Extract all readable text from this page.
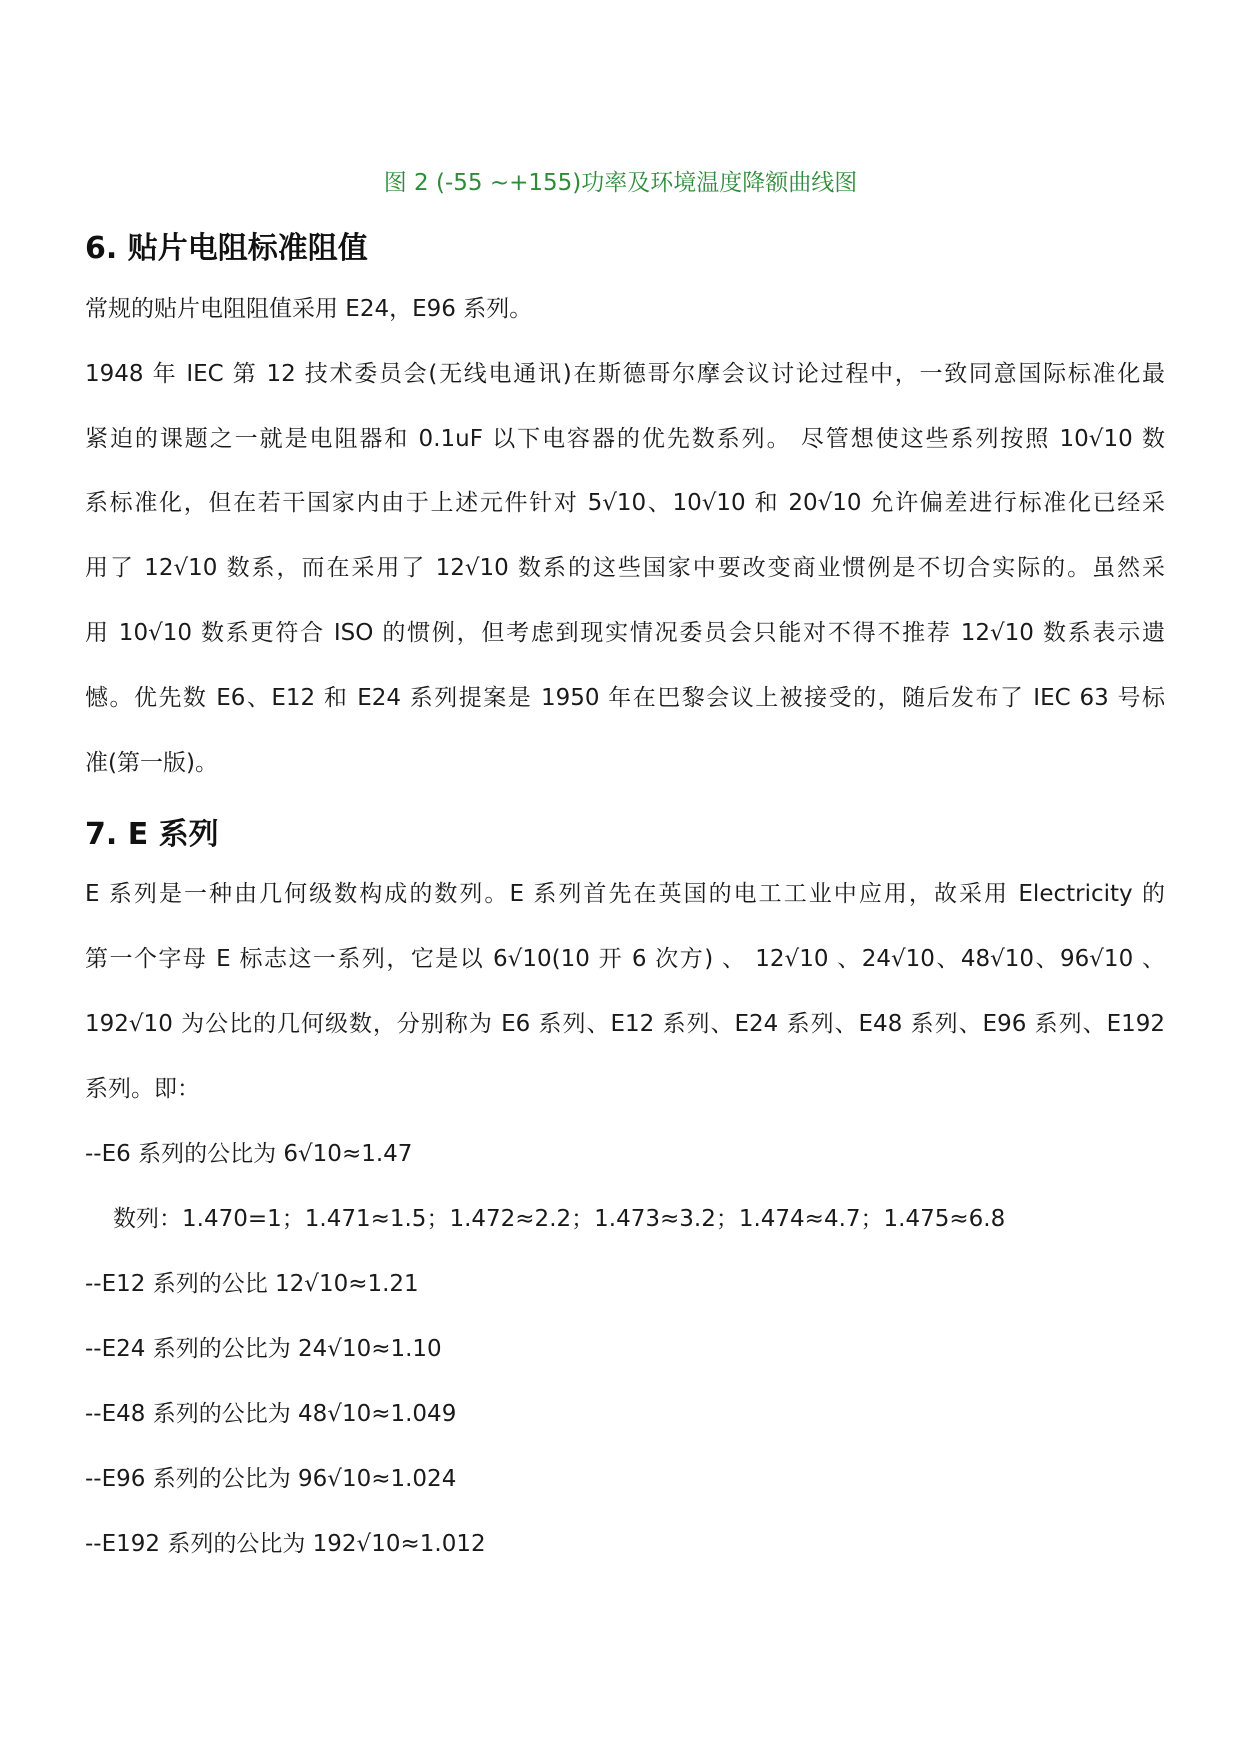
图 2 (-55 ~+155)功率及环境温度降额曲线图
6. 贴片电阻标准阻值
常规的贴片电阻阻值采用 E24，E96 系列。
1948 年 IEC 第 12 技术委员会(无线电通讯)在斯德哥尔摩会议讨论过程中，一致同意国际标准化最
紧迫的课题之一就是电阻器和 0.1uF 以下电容器的优先数系列。 尽管想使这些系列按照 10√10 数
系标准化，但在若干国家内由于上述元件针对 5√10、10√10 和 20√10 允许偏差进行标准化已经采
用了 12√10 数系，而在采用了 12√10 数系的这些国家中要改变商业惯例是不切合实际的。虽然采
用 10√10 数系更符合 ISO 的惯例，但考虑到现实情况委员会只能对不得不推荐 12√10 数系表示遗
憾。优先数 E6、E12 和 E24 系列提案是 1950 年在巴黎会议上被接受的，随后发布了 IEC 63 号标
准(第一版)。
7. E 系列
E 系列是一种由几何级数构成的数列。E 系列首先在英国的电工工业中应用，故采用 Electricity 的
第一个字母 E 标志这一系列，它是以 6√10(10 开 6 次方) 、 12√10 、24√10、48√10、96√10 、
192√10 为公比的几何级数，分别称为 E6 系列、E12 系列、E24 系列、E48 系列、E96 系列、E192
系列。即：
--E6 系列的公比为 6√10≈1.47
数列：1.470=1；1.471≈1.5；1.472≈2.2；1.473≈3.2；1.474≈4.7；1.475≈6.8
--E12 系列的公比 12√10≈1.21
--E24 系列的公比为 24√10≈1.10
--E48 系列的公比为 48√10≈1.049
--E96 系列的公比为 96√10≈1.024
--E192 系列的公比为 192√10≈1.012
